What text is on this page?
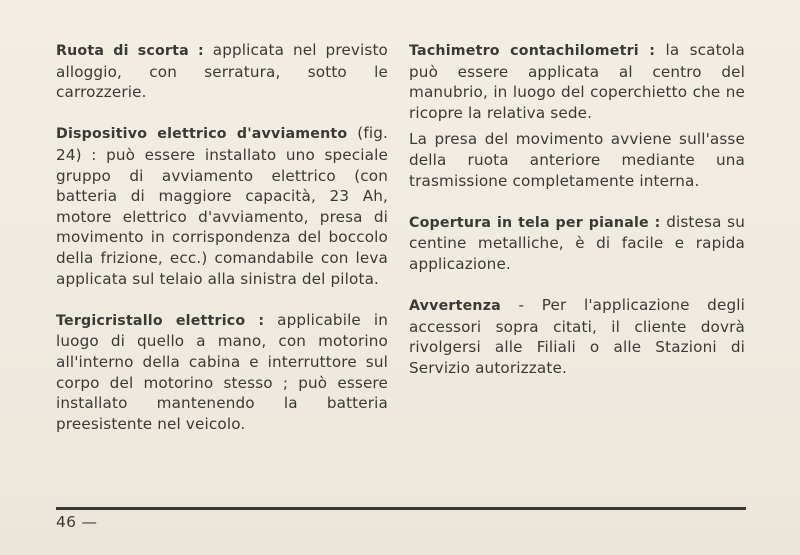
Ruota di scorta : applicata nel previsto alloggio, con serratura, sotto le carrozzerie.

Dispositivo elettrico d'avviamento (fig. 24) : può essere installato uno speciale gruppo di avviamento elettrico (con batteria di maggiore capacità, 23 Ah, motore elettrico d'avviamento, presa di movimento in corrispondenza del boccolo della frizione, ecc.) comandabile con leva applicata sul telaio alla sinistra del pilota.

Tergicristallo elettrico : applicabile in luogo di quello a mano, con motorino all'interno della cabina e interruttore sul corpo del motorino stesso ; può essere installato mantenendo la batteria preesistente nel veicolo.

Tachimetro contachilometri : la scatola può essere applicata al centro del manubrio, in luogo del coperchietto che ne ricopre la relativa sede.

La presa del movimento avviene sull'asse della ruota anteriore mediante una trasmissione completamente interna.

Copertura in tela per pianale : distesa su centine metalliche, è di facile e rapida applicazione.

Avvertenza - Per l'applicazione degli accessori sopra citati, il cliente dovrà rivolgersi alle Filiali o alle Stazioni di Servizio autorizzate.

46 —
